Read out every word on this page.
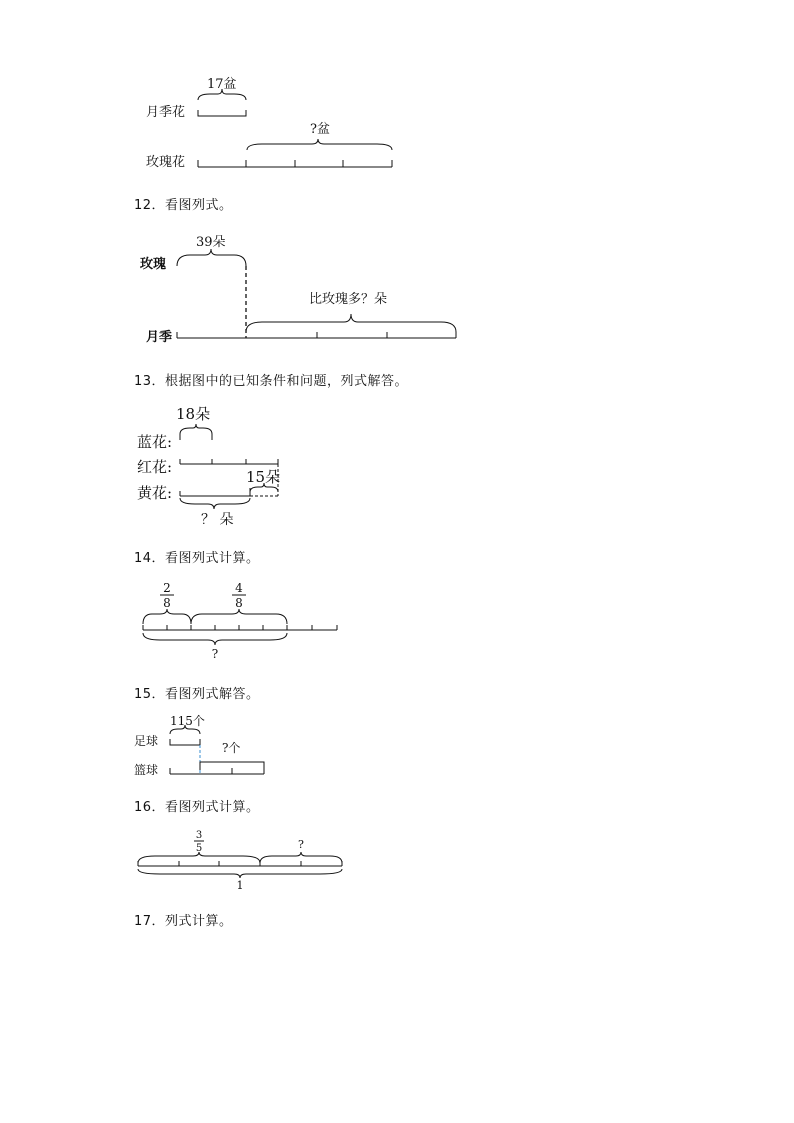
月季花
17盆
玫瑰花
?盆
12．看图列式。
玫瑰
39朵
月季
比玫瑰多？朵
13．根据图中的已知条件和问题，列式解答。
18朵
蓝花:
红花:
15朵
黄花:
？ 朵
14．看图列式计算。
2
8
4
8
?
15．看图列式解答。
115个
足球	?个
篮球
16．看图列式计算。
3
5	?
1
17．列式计算。
